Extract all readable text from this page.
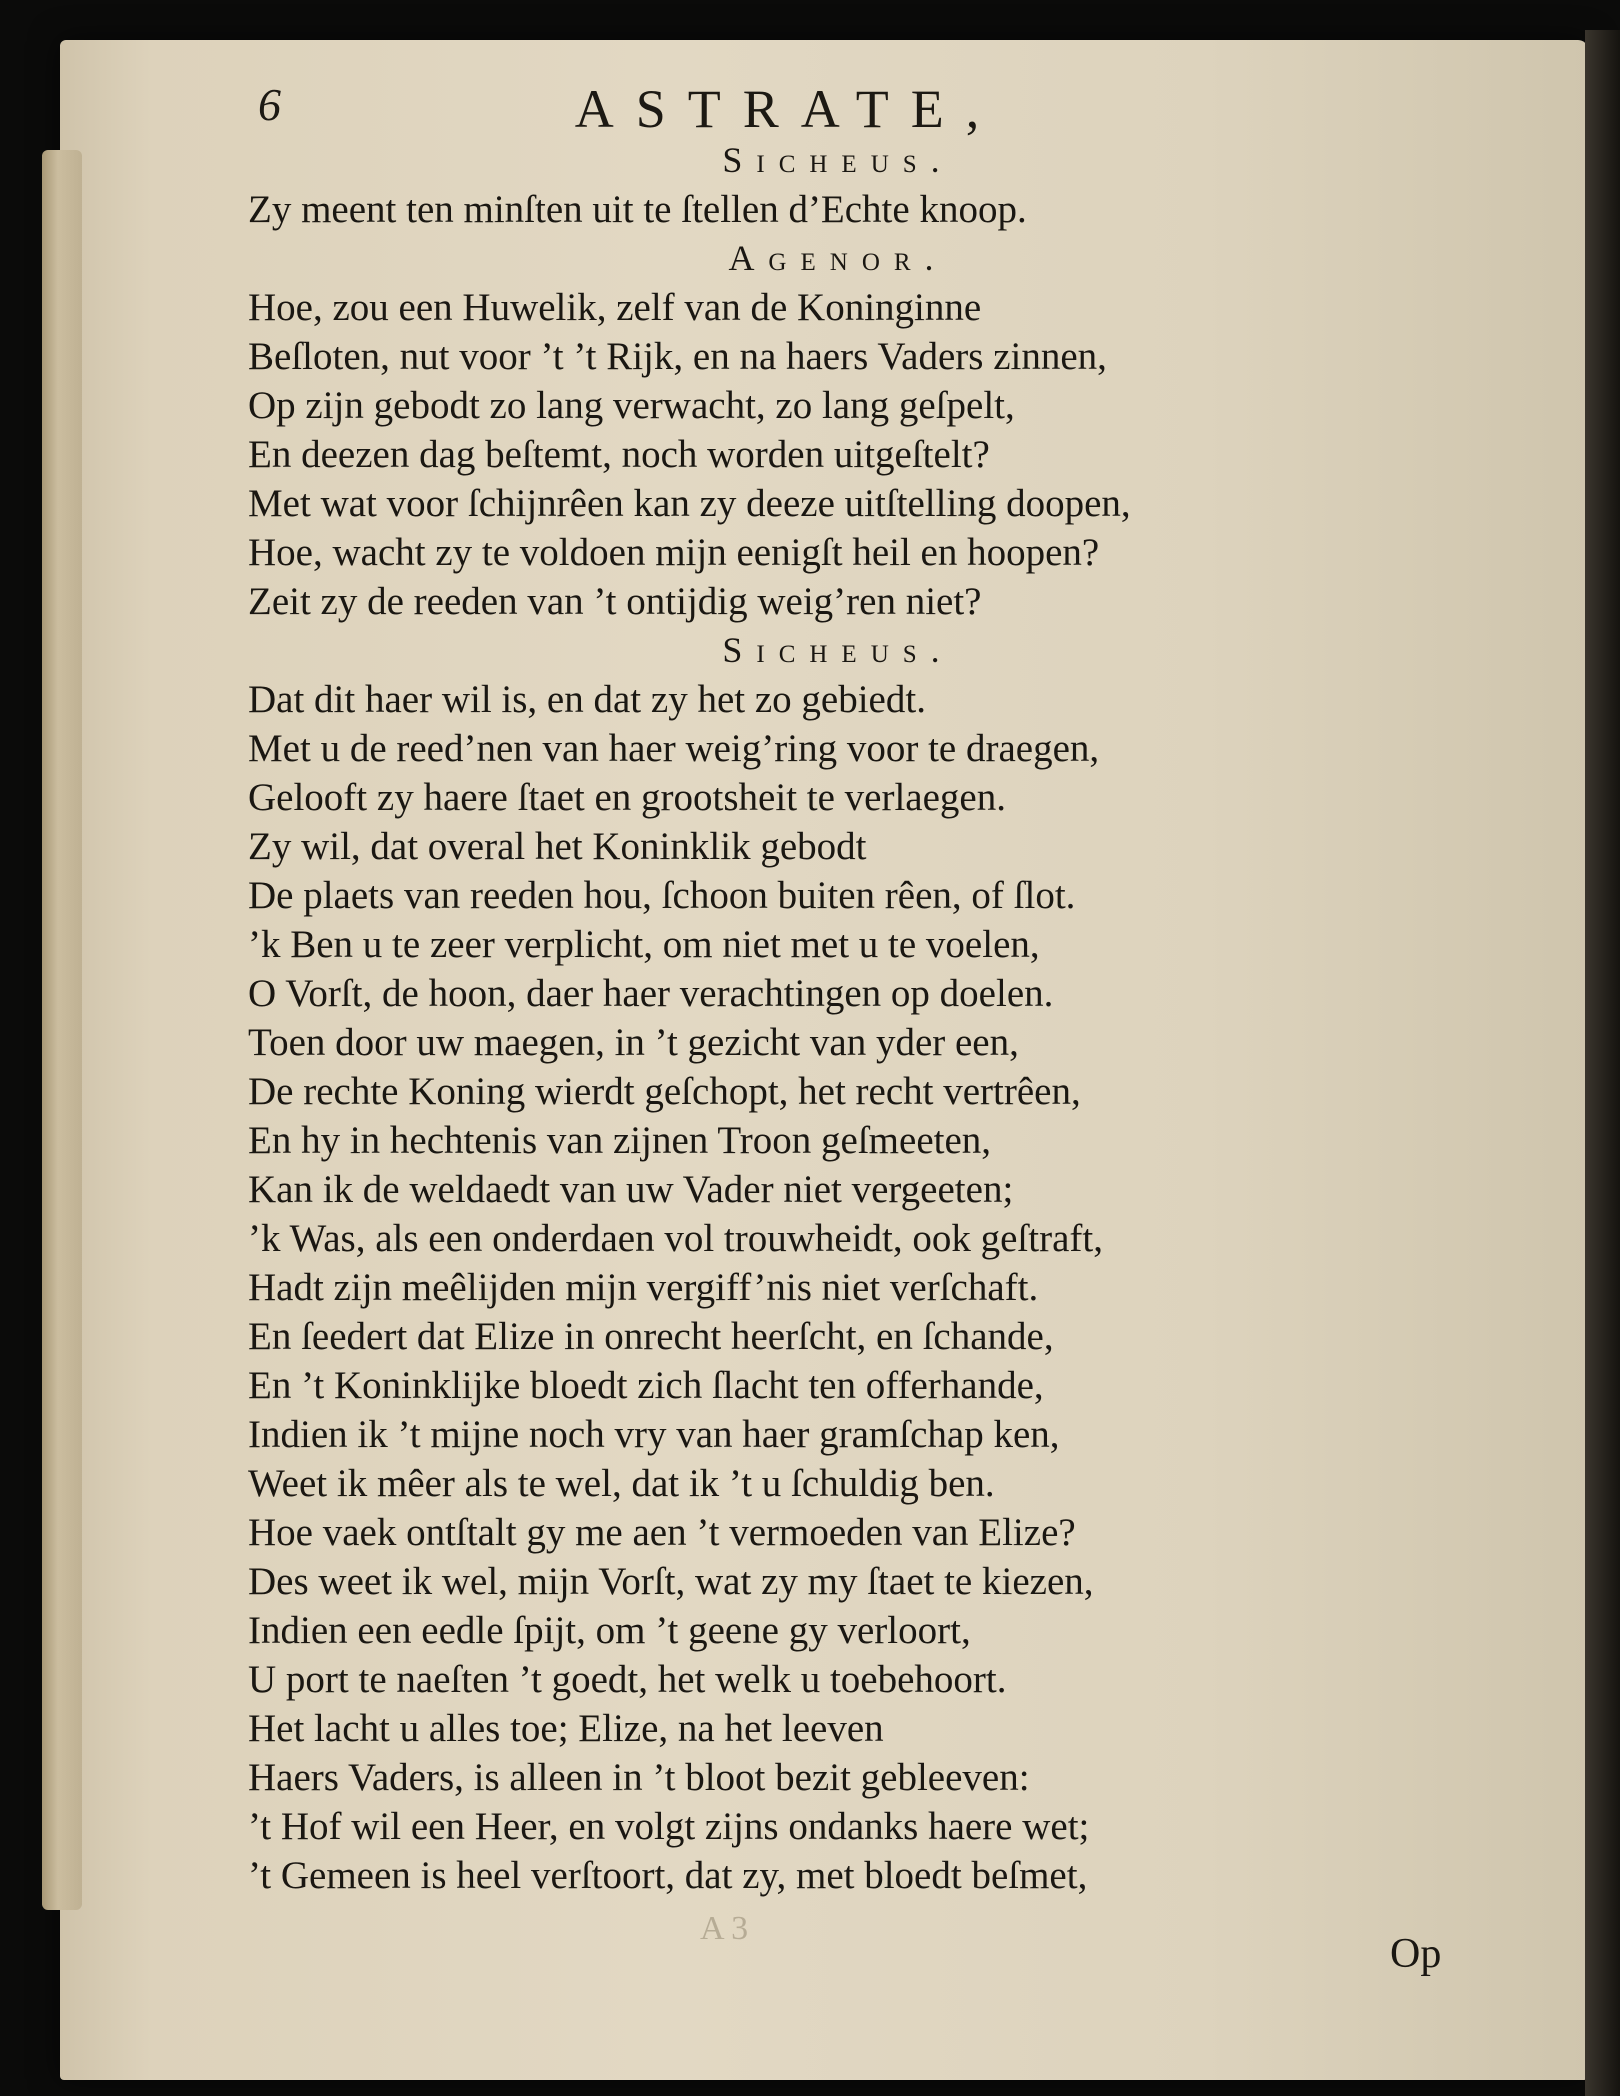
6	ASTRATE,
Sicheus.
Zy meent ten minſten uit te ſtellen d’Echte knoop.
Agenor.
Hoe, zou een Huwelik, zelf van de Koninginne
Beſloten, nut voor ’t ’t Rijk, en na haers Vaders zinnen,
Op zijn gebodt zo lang verwacht, zo lang geſpelt,
En deezen dag beſtemt, noch worden uitgeſtelt?
Met wat voor ſchijnrêen kan zy deeze uitſtelling doopen,
Hoe, wacht zy te voldoen mijn eenigſt heil en hoopen?
Zeit zy de reeden van ’t ontijdig weig’ren niet?
Sicheus.
Dat dit haer wil is, en dat zy het zo gebiedt.
Met u de reed’nen van haer weig’ring voor te draegen,
Gelooft zy haere ſtaet en grootsheit te verlaegen.
Zy wil, dat overal het Koninklik gebodt
De plaets van reeden hou, ſchoon buiten rêen, of ſlot.
’k Ben u te zeer verplicht, om niet met u te voelen,
O Vorſt, de hoon, daer haer verachtingen op doelen.
Toen door uw maegen, in ’t gezicht van yder een,
De rechte Koning wierdt geſchopt, het recht vertrêen,
En hy in hechtenis van zijnen Troon geſmeeten,
Kan ik de weldaedt van uw Vader niet vergeeten;
’k Was, als een onderdaen vol trouwheidt, ook geſtraft,
Hadt zijn meêlijden mijn vergiff’nis niet verſchaft.
En ſeedert dat Elize in onrecht heerſcht, en ſchande,
En ’t Koninklijke bloedt zich ſlacht ten offerhande,
Indien ik ’t mijne noch vry van haer gramſchap ken,
Weet ik mêer als te wel, dat ik ’t u ſchuldig ben.
Hoe vaek ontſtalt gy me aen ’t vermoeden van Elize?
Des weet ik wel, mijn Vorſt, wat zy my ſtaet te kiezen,
Indien een eedle ſpijt, om ’t geene gy verloort,
U port te naeſten ’t goedt, het welk u toebehoort.
Het lacht u alles toe; Elize, na het leeven
Haers Vaders, is alleen in ’t bloot bezit gebleeven:
’t Hof wil een Heer, en volgt zijns ondanks haere wet;
’t Gemeen is heel verſtoort, dat zy, met bloedt beſmet,
A 3
Op
